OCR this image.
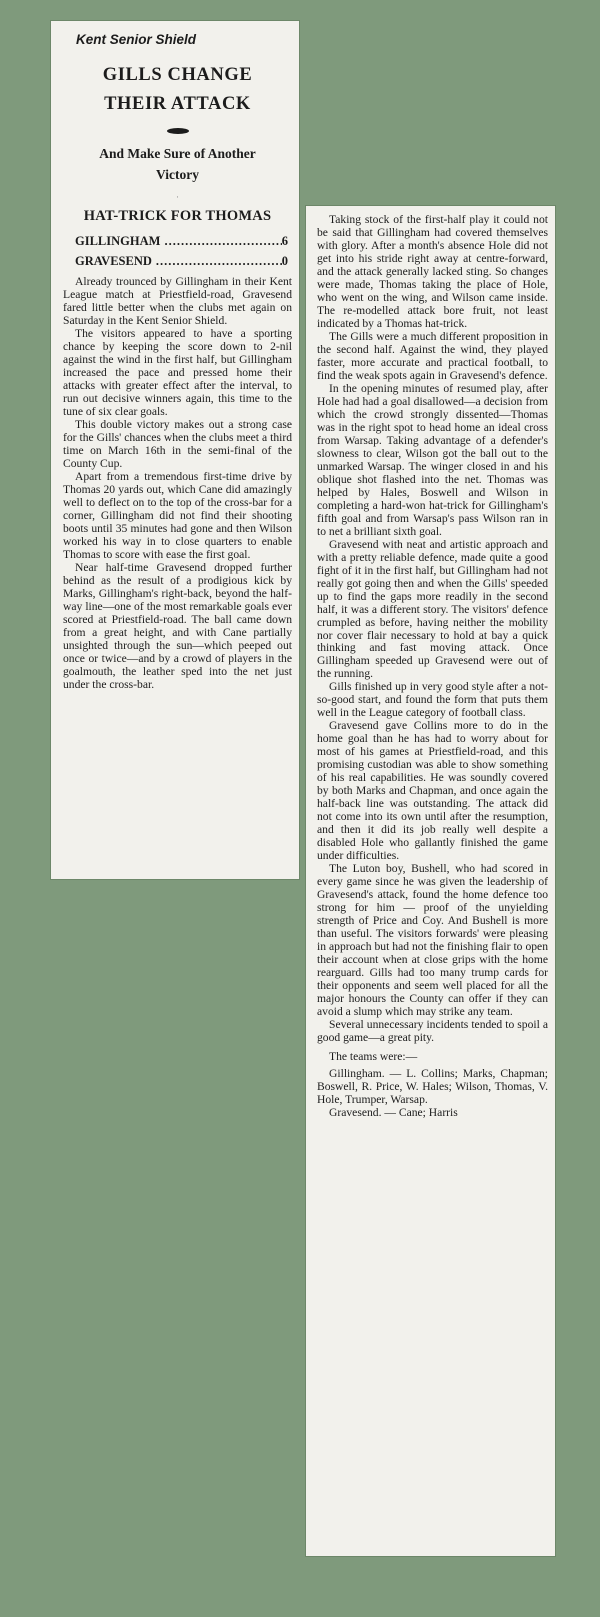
Kent Senior Shield
GILLS CHANGE
THEIR ATTACK
And Make Sure of Another
Victory
·
HAT-TRICK FOR THOMAS
GILLINGHAM .....	6
GRAVESEND .....	0

Already trounced by Gillingham in their Kent League match at Priestfield-road, Gravesend fared little better when the clubs met again on Saturday in the Kent Senior Shield.

The visitors appeared to have a sporting chance by keeping the score down to 2-nil against the wind in the first half, but Gillingham increased the pace and pressed home their attacks with greater effect after the interval, to run out decisive winners again, this time to the tune of six clear goals.

This double victory makes out a strong case for the Gills' chances when the clubs meet a third time on March 16th in the semi-final of the County Cup.

Apart from a tremendous first-time drive by Thomas 20 yards out, which Cane did amazingly well to deflect on to the top of the cross-bar for a corner, Gillingham did not find their shooting boots until 35 minutes had gone and then Wilson worked his way in to close quarters to enable Thomas to score with ease the first goal.

Near half-time Gravesend dropped further behind as the result of a prodigious kick by Marks, Gillingham's right-back, beyond the half-way line—one of the most remarkable goals ever scored at Priestfield-road. The ball came down from a great height, and with Cane partially unsighted through the sun—which peeped out once or twice—and by a crowd of players in the goalmouth, the leather sped into the net just under the cross-bar.

Taking stock of the first-half play it could not be said that Gillingham had covered themselves with glory. After a month's absence Hole did not get into his stride right away at centre-forward, and the attack generally lacked sting. So changes were made, Thomas taking the place of Hole, who went on the wing, and Wilson came inside. The re-modelled attack bore fruit, not least indicated by a Thomas hat-trick.

The Gills were a much different proposition in the second half. Against the wind, they played faster, more accurate and practical football, to find the weak spots again in Gravesend's defence.

In the opening minutes of resumed play, after Hole had had a goal disallowed—a decision from which the crowd strongly dissented—Thomas was in the right spot to head home an ideal cross from Warsap. Taking advantage of a defender's slowness to clear, Wilson got the ball out to the unmarked Warsap. The winger closed in and his oblique shot flashed into the net. Thomas was helped by Hales, Boswell and Wilson in completing a hard-won hat-trick for Gillingham's fifth goal and from Warsap's pass Wilson ran in to net a brilliant sixth goal.

Gravesend with neat and artistic approach and with a pretty reliable defence, made quite a good fight of it in the first half, but Gillingham had not really got going then and when the Gills' speeded up to find the gaps more readily in the second half, it was a different story. The visitors' defence crumpled as before, having neither the mobility nor cover flair necessary to hold at bay a quick thinking and fast moving attack. Once Gillingham speeded up Gravesend were out of the running.

Gills finished up in very good style after a not-so-good start, and found the form that puts them well in the League category of football class.

Gravesend gave Collins more to do in the home goal than he has had to worry about for most of his games at Priestfield-road, and this promising custodian was able to show something of his real capabilities. He was soundly covered by both Marks and Chapman, and once again the half-back line was outstanding. The attack did not come into its own until after the resumption, and then it did its job really well despite a disabled Hole who gallantly finished the game under difficulties.

The Luton boy, Bushell, who had scored in every game since he was given the leadership of Gravesend's attack, found the home defence too strong for him — proof of the unyielding strength of Price and Coy. And Bushell is more than useful. The visitors forwards' were pleasing in approach but had not the finishing flair to open their account when at close grips with the home rearguard. Gills had too many trump cards for their opponents and seem well placed for all the major honours the County can offer if they can avoid a slump which may strike any team.

Several unnecessary incidents tended to spoil a good game—a great pity.

The teams were:—

Gillingham. — L. Collins; Marks, Chapman; Boswell, R. Price, W. Hales; Wilson, Thomas, V. Hole, Trumper, Warsap.

Gravesend. — Cane; Harris
